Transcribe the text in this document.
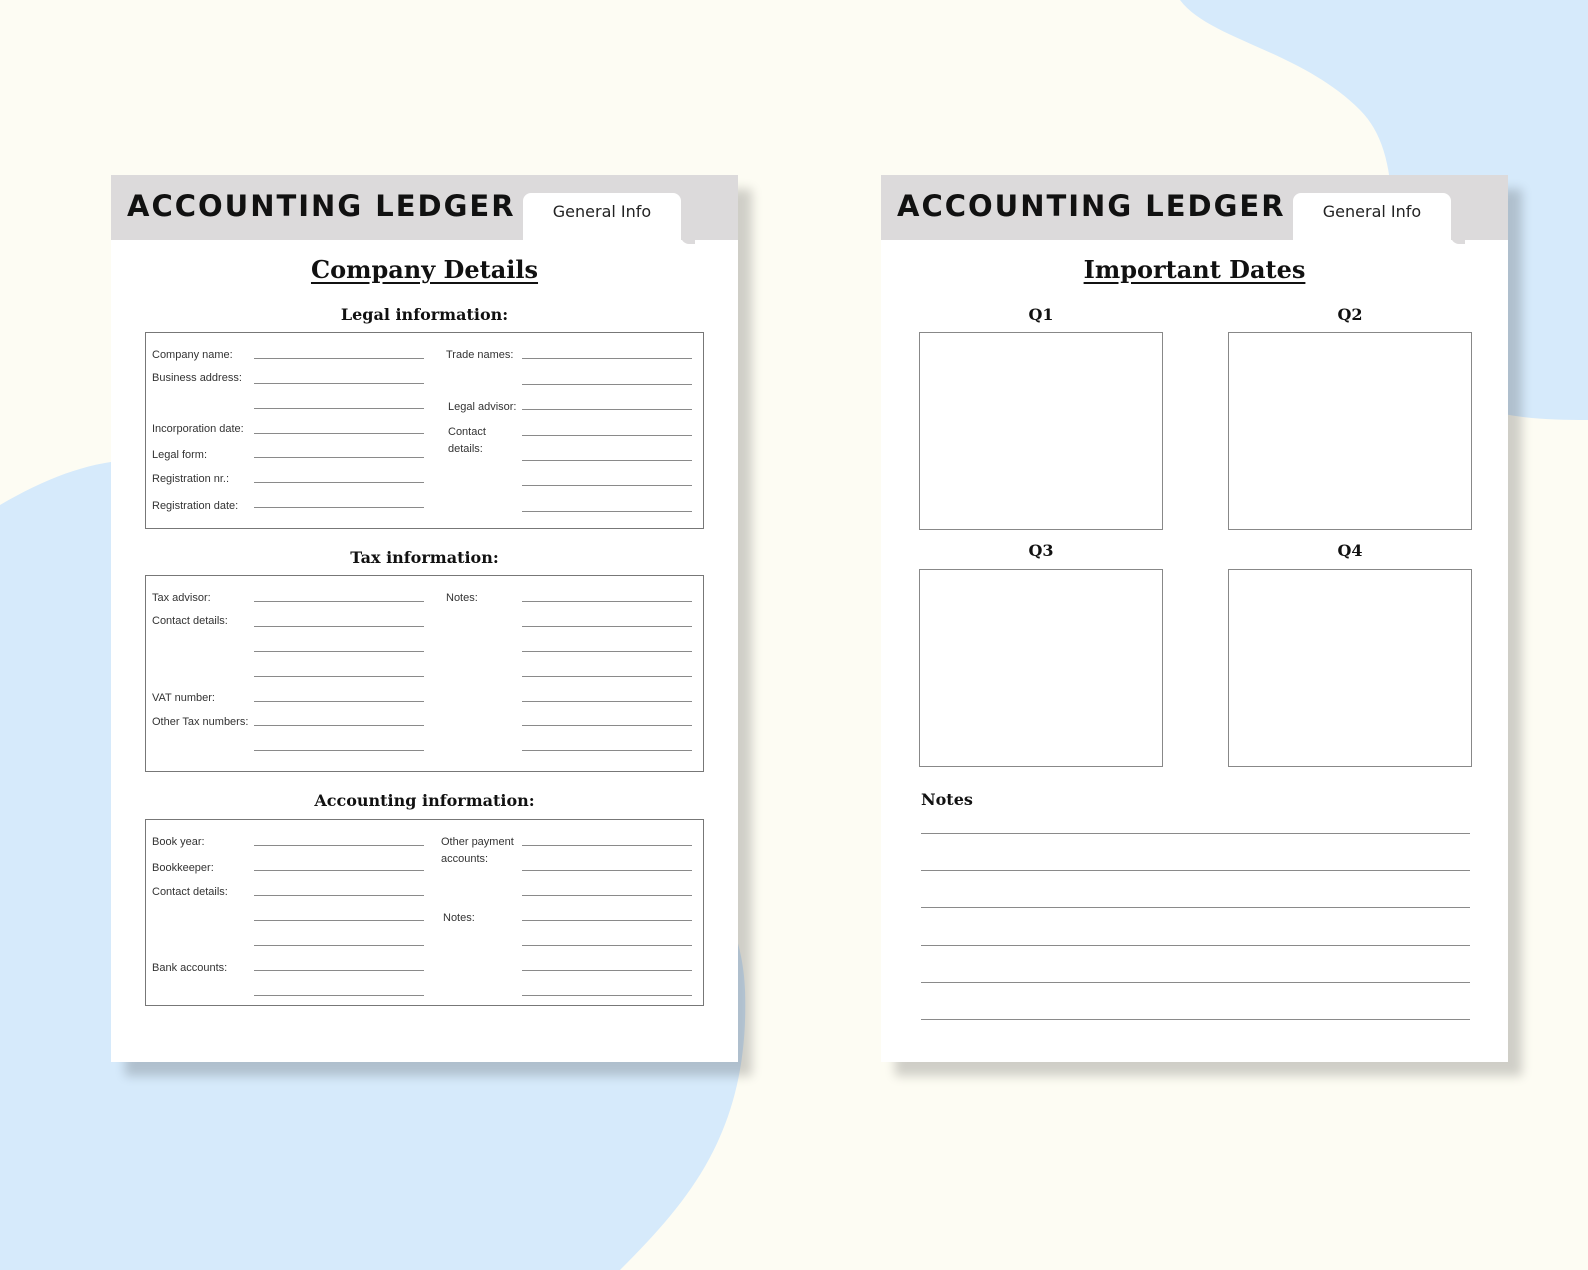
ACCOUNTING LEDGER	General Info
Company Details
Legal information:
Company name:
Business address:
Incorporation date:
Legal form:
Registration nr.:
Registration date:
Trade names:
Legal advisor:
Contact details:
Tax information:
Tax advisor:
Contact details:
VAT number:
Other Tax numbers:
Notes:
Accounting information:
Book year:
Bookkeeper:
Contact details:
Bank accounts:
Other payment accounts:
Notes:
ACCOUNTING LEDGER	General Info
Important Dates
Q1	Q2
Q3	Q4
Notes
